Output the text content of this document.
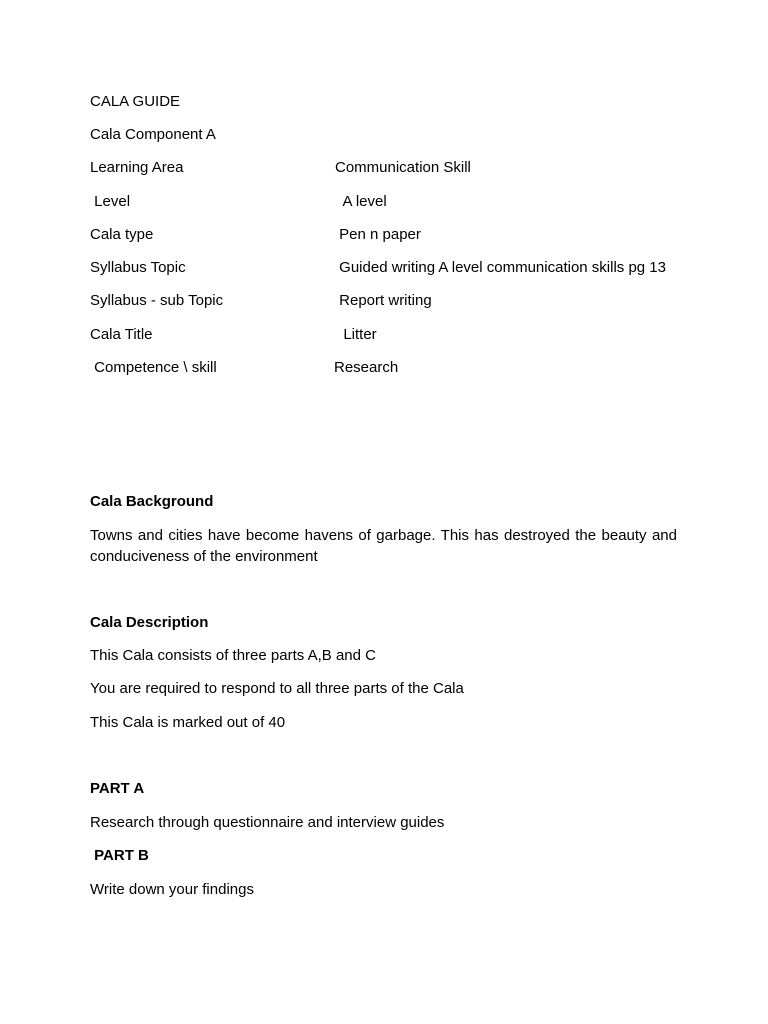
CALA GUIDE
Cala Component A
Learning Area	Communication Skill
Level	A level
Cala type	Pen n paper
Syllabus Topic	Guided writing A level communication skills pg 13
Syllabus - sub Topic	Report writing
Cala Title	Litter
Competence \ skill	Research
Cala Background
Towns and cities have become havens of garbage. This has destroyed the beauty and conduciveness of the environment
Cala Description
This Cala consists of three parts A,B and C
You are required to respond to all three parts of the Cala
This Cala is marked out of 40
PART A
Research through questionnaire and interview guides
PART B
Write down your findings
